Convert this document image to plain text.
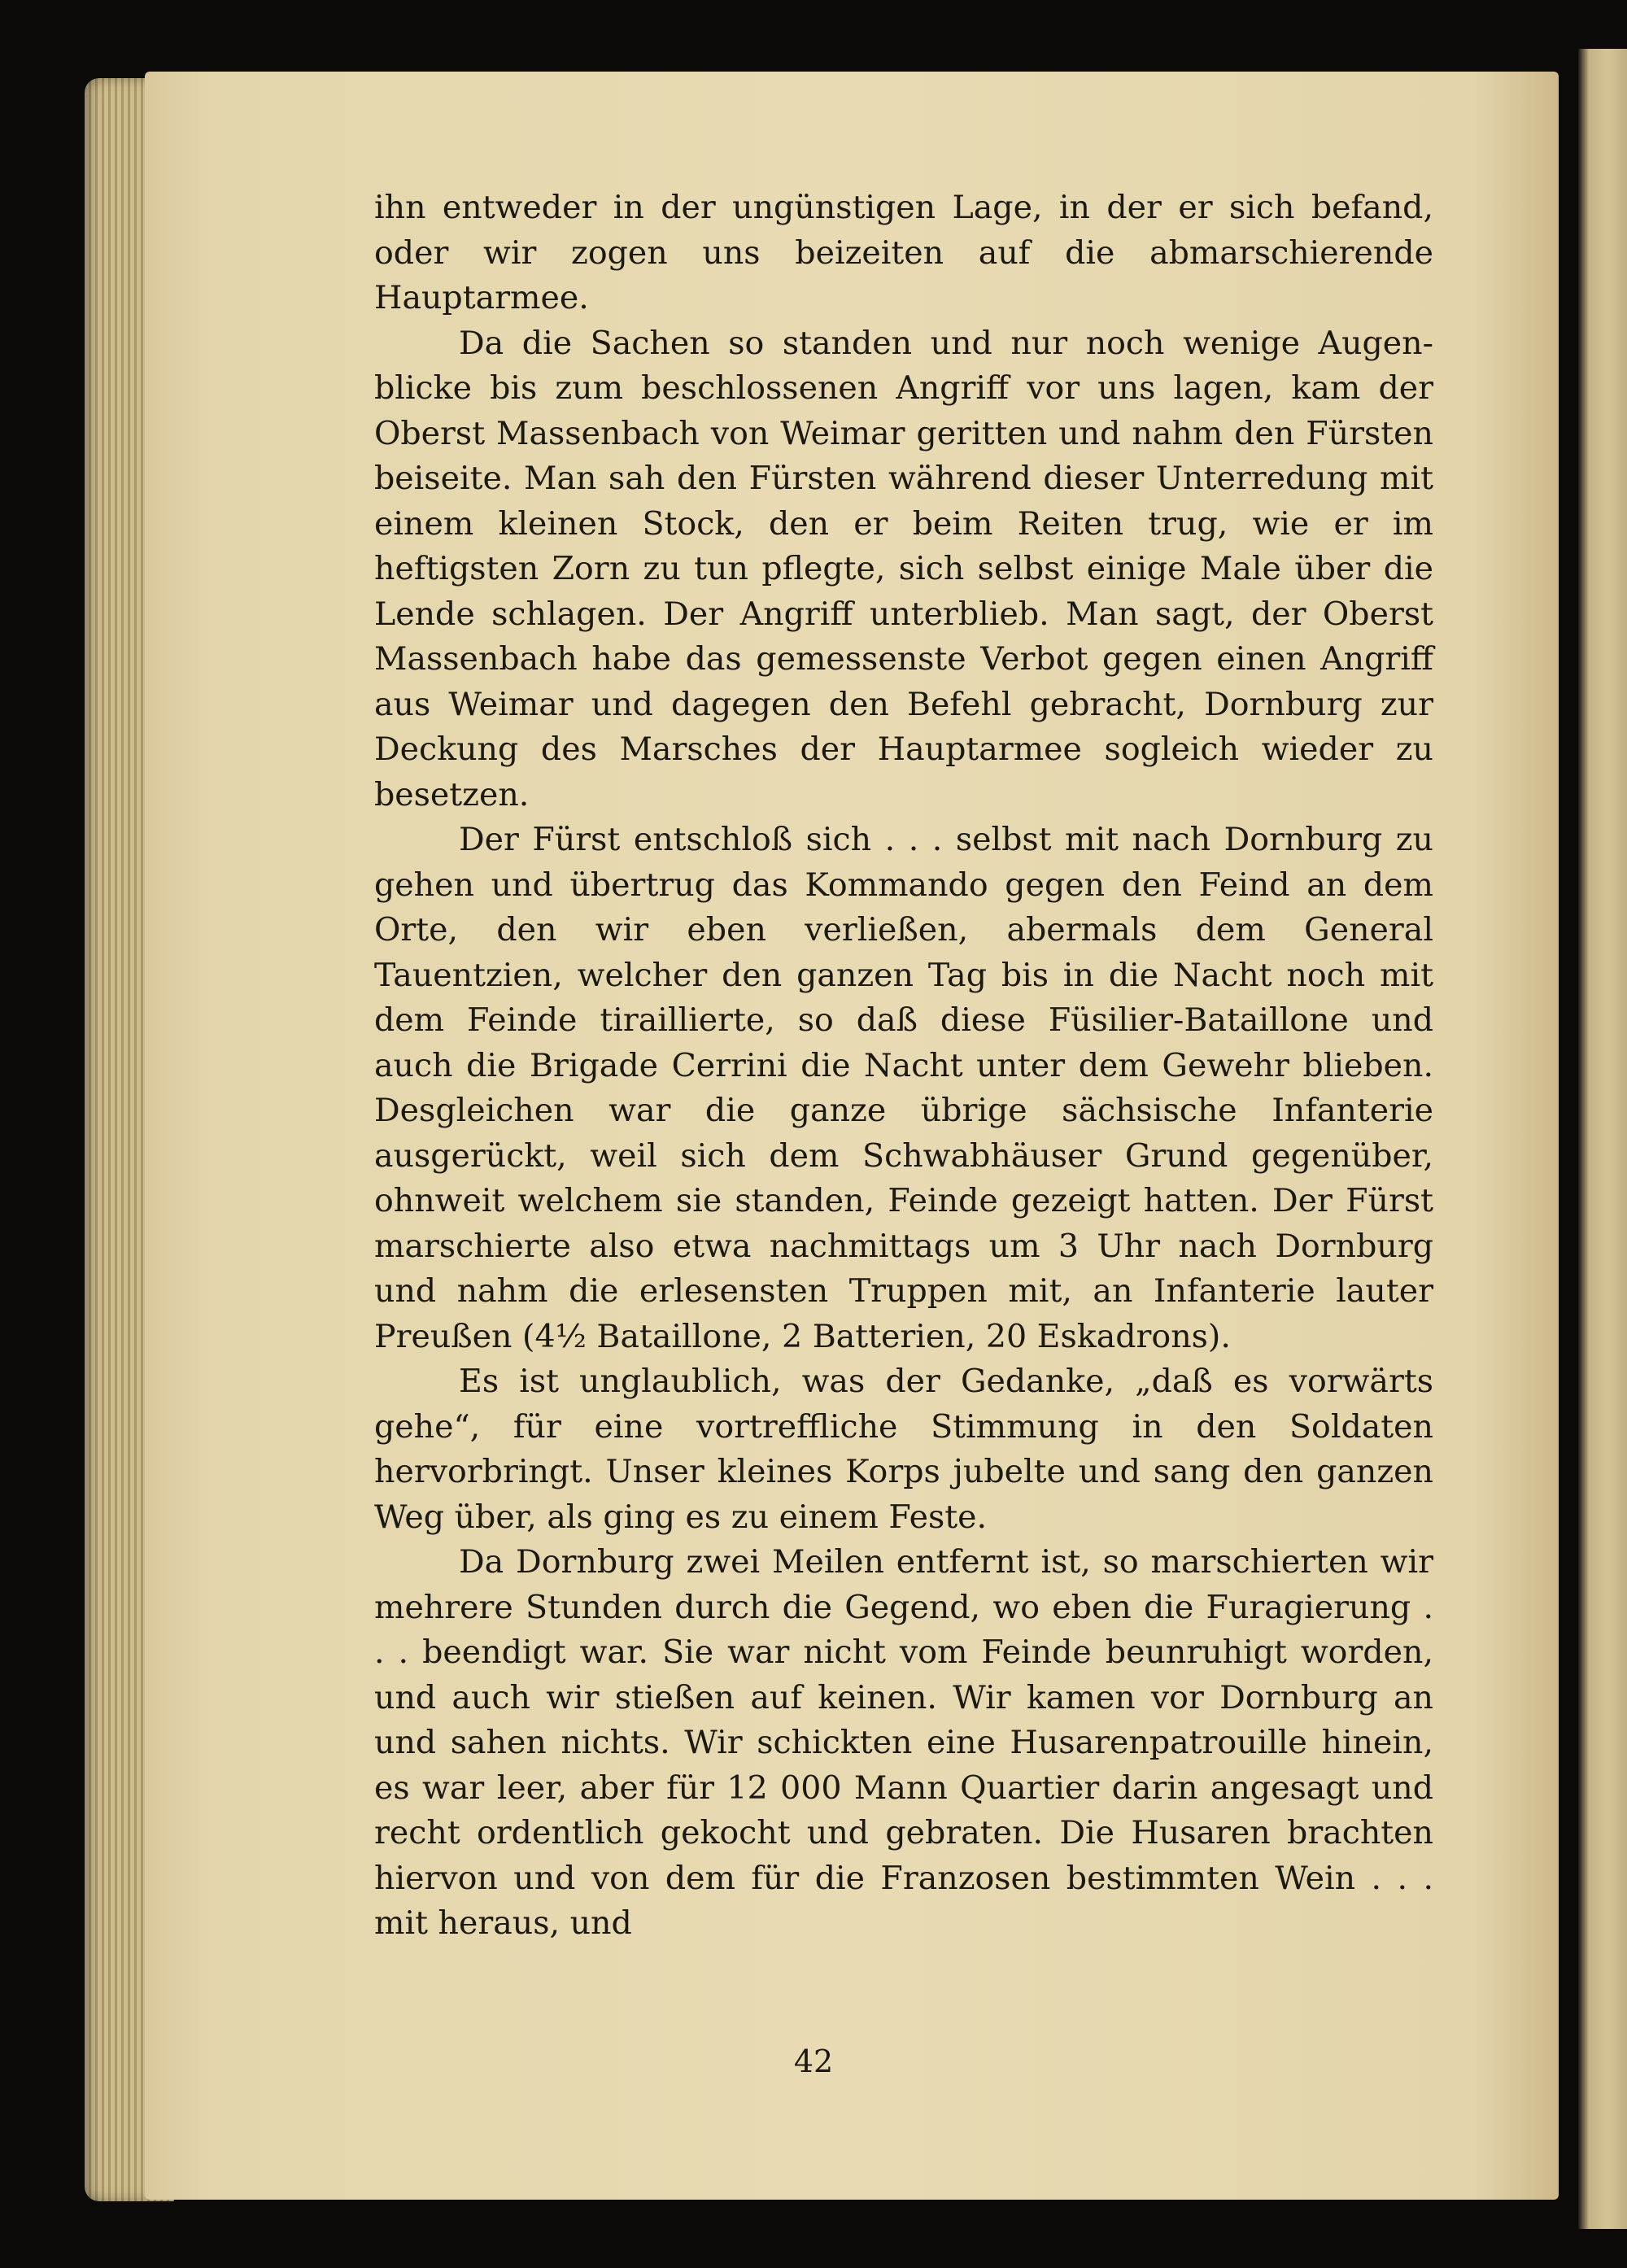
ihn entweder in der ungünstigen Lage, in der er sich befand, oder wir zogen uns beizeiten auf die abmarschierende Hauptarmee.

Da die Sachen so standen und nur noch wenige Augenblicke bis zum beschlossenen Angriff vor uns lagen, kam der Oberst Massenbach von Weimar geritten und nahm den Fürsten beiseite. Man sah den Fürsten während dieser Unterredung mit einem kleinen Stock, den er beim Reiten trug, wie er im heftigsten Zorn zu tun pflegte, sich selbst einige Male über die Lende schlagen. Der Angriff unterblieb. Man sagt, der Oberst Massenbach habe das gemessenste Verbot gegen einen Angriff aus Weimar und dagegen den Befehl gebracht, Dornburg zur Deckung des Marsches der Hauptarmee sogleich wieder zu besetzen.

Der Fürst entschloß sich . . . selbst mit nach Dornburg zu gehen und übertrug das Kommando gegen den Feind an dem Orte, den wir eben verließen, abermals dem General Tauentzien, welcher den ganzen Tag bis in die Nacht noch mit dem Feinde tiraillierte, so daß diese Füsilier-Bataillone und auch die Brigade Cerrini die Nacht unter dem Gewehr blieben. Desgleichen war die ganze übrige sächsische Infanterie ausgerückt, weil sich dem Schwabhäuser Grund gegenüber, ohnweit welchem sie standen, Feinde gezeigt hatten. Der Fürst marschierte also etwa nachmittags um 3 Uhr nach Dornburg und nahm die erlesensten Truppen mit, an Infanterie lauter Preußen (4½ Bataillone, 2 Batterien, 20 Eskadrons).

Es ist unglaublich, was der Gedanke, „daß es vorwärts gehe“, für eine vortreffliche Stimmung in den Soldaten hervorbringt. Unser kleines Korps jubelte und sang den ganzen Weg über, als ging es zu einem Feste.

Da Dornburg zwei Meilen entfernt ist, so marschierten wir mehrere Stunden durch die Gegend, wo eben die Furagierung . . . beendigt war. Sie war nicht vom Feinde beunruhigt worden, und auch wir stießen auf keinen. Wir kamen vor Dornburg an und sahen nichts. Wir schickten eine Husarenpatrouille hinein, es war leer, aber für 12 000 Mann Quartier darin angesagt und recht ordentlich gekocht und gebraten. Die Husaren brachten hiervon und von dem für die Franzosen bestimmten Wein . . . mit heraus, und

42
